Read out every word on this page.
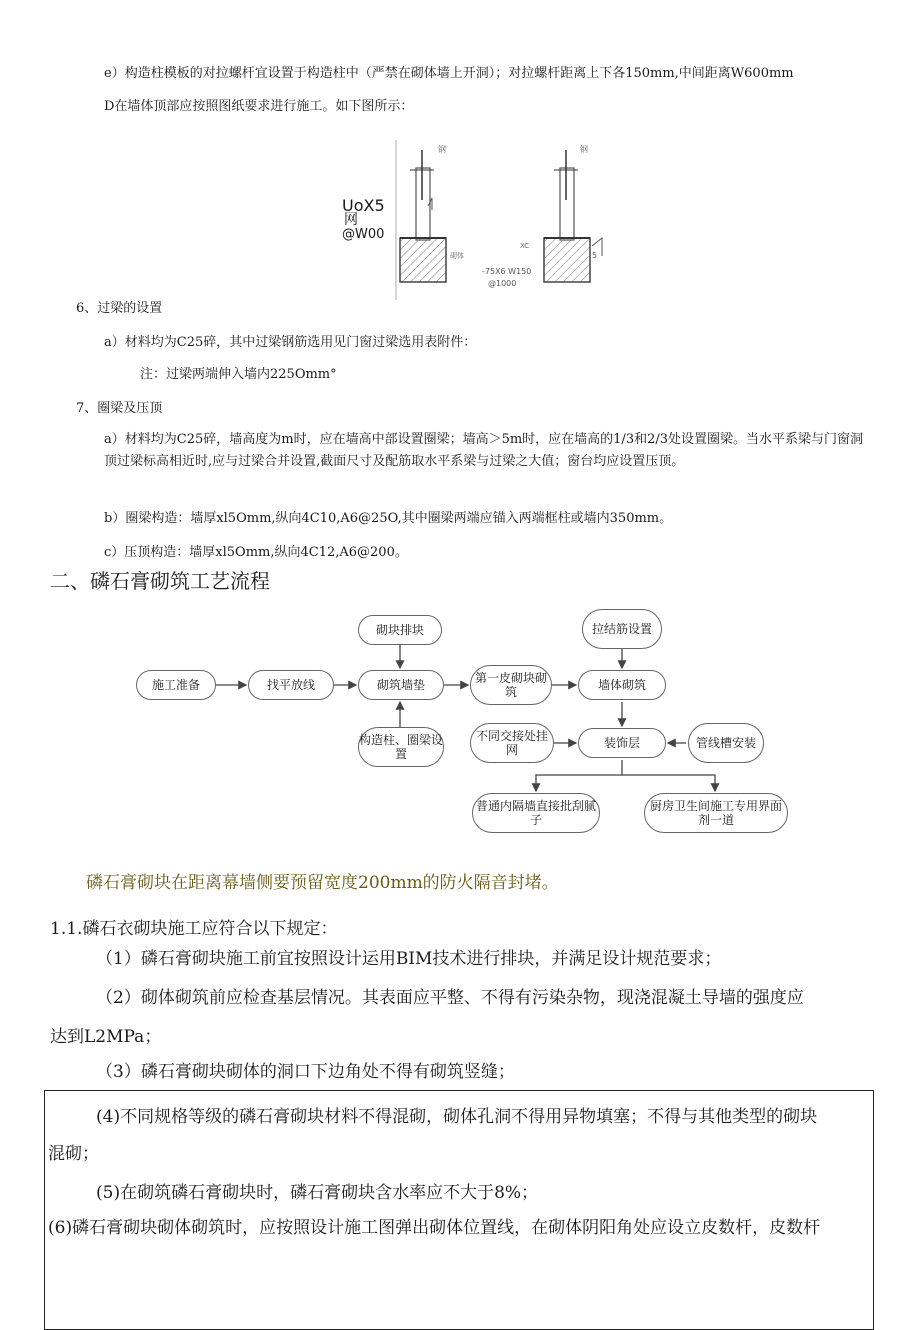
e）构造柱模板的对拉螺杆宜设置于构造柱中（严禁在砌体墙上开洞）；对拉螺杆距离上下各150mm,中间距离W600mm
D在墙体顶部应按照图纸要求进行施工。如下图所示：
5
钢	钢
砌体
XC
-75X6 W150
@1000
UoX5
网
@W00
6、过梁的设置
a）材料均为C25碎，其中过梁钢筋选用见门窗过梁选用表附件：
注：过梁两端伸入墙内225Omm°
7、圈梁及压顶
a）材料均为C25碎，墙高度为m时，应在墙高中部设置圈梁；墙高＞5m时，应在墙高的1/3和2/3处设置圈梁。当水平系梁与门窗洞顶过梁标高相近时,应与过梁合并设置,截面尺寸及配筋取水平系梁与过梁之大值；窗台均应设置压顶。
b）圈梁构造：墙厚xl5Omm,纵向4C10,A6@25O,其中圈梁两端应锚入两端框柱或墙内350mm。
c）压顶构造：墙厚xl5Omm,纵向4C12,A6@200。
二、磷石膏砌筑工艺流程
施工准备	找平放线
砌块排块
砌筑墙垫
构造柱、圈梁设置
第一皮砌块砌筑
拉结筋设置
墙体砌筑
不同交接处挂网	装饰层	管线槽安装
普通内隔墙直接批刮腻子
厨房卫生间施工专用界面剂一道
磷石膏砌块在距离幕墙侧要预留宽度200mm的防火隔音封堵。
1.1.磷石衣砌块施工应符合以下规定：
（1）磷石膏砌块施工前宜按照设计运用BIM技术进行排块，并满足设计规范要求；
（2）砌体砌筑前应检查基层情况。其表面应平整、不得有污染杂物，现浇混凝土导墙的强度应
达到L2MPa；
（3）磷石膏砌块砌体的洞口下边角处不得有砌筑竖缝；
(4)不同规格等级的磷石膏砌块材料不得混砌，砌体孔洞不得用异物填塞；不得与其他类型的砌块
混砌；
(5)在砌筑磷石膏砌块时，磷石膏砌块含水率应不大于8%；
(6)磷石膏砌块砌体砌筑时，应按照设计施工图弹出砌体位置线，在砌体阴阳角处应设立皮数杆，皮数杆
